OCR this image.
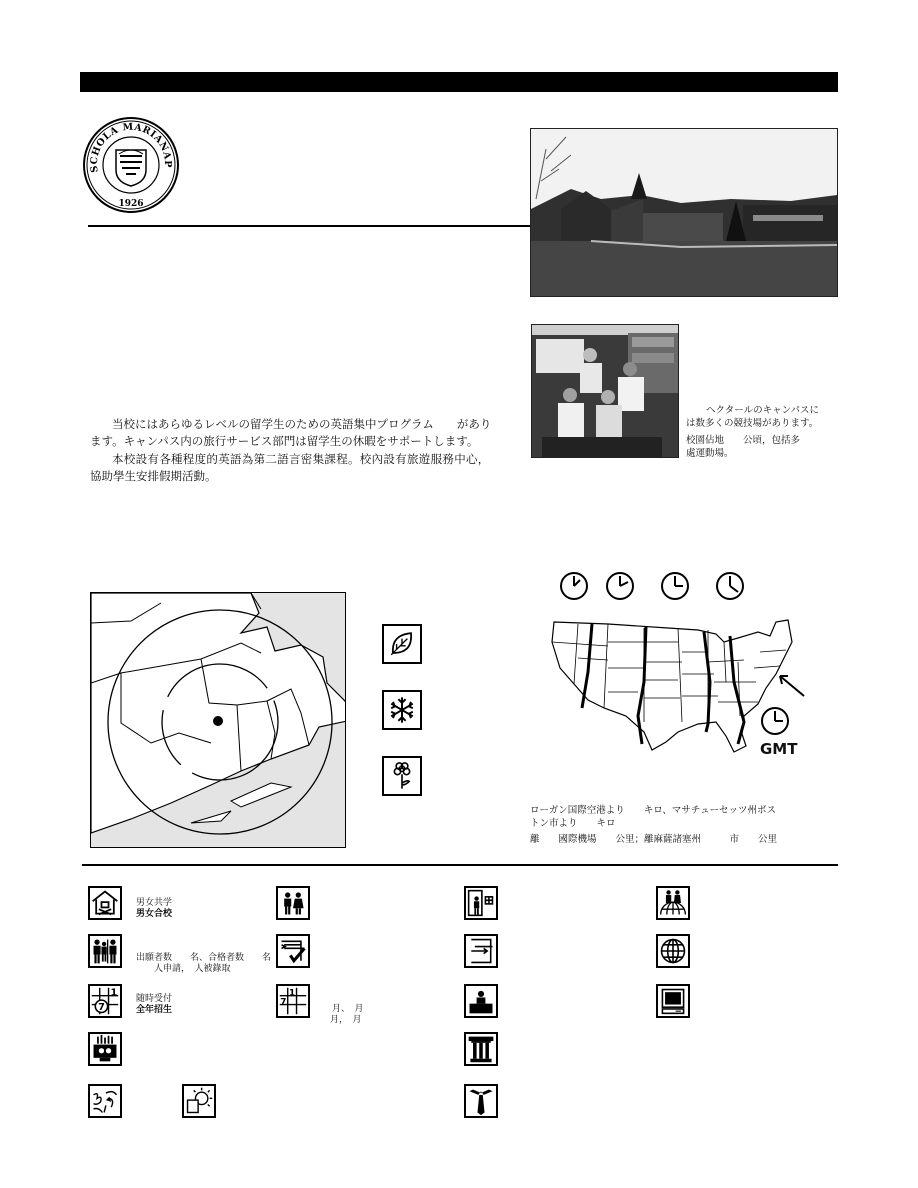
SCHOLA MARIANAP
1926
当校にはあらゆるレベルの留学生のための英語集中プログラム　　があり
ます。キャンパス内の旅行サービス部門は留学生の休暇をサポートします。
本校設有各種程度的英語為第二語言密集課程。校內設有旅遊服務中心，
協助學生安排假期活動。
ヘクタールのキャンパスに
は数多くの競技場があります。
校園佔地　　公頃，包括多
處運動場。
GMT
ローガン国際空港より　　キロ、マサチューセッツ州ボス
トン市より　　キロ
離　　國際機場　　公里；離麻薩諸塞州　　　市　　公里
男女共学
男女合校
出願者数　　名、合格者数　　名
人申請，　人被錄取
7
1
随時受付
全年招生
7
1
月、　月
月，　月
